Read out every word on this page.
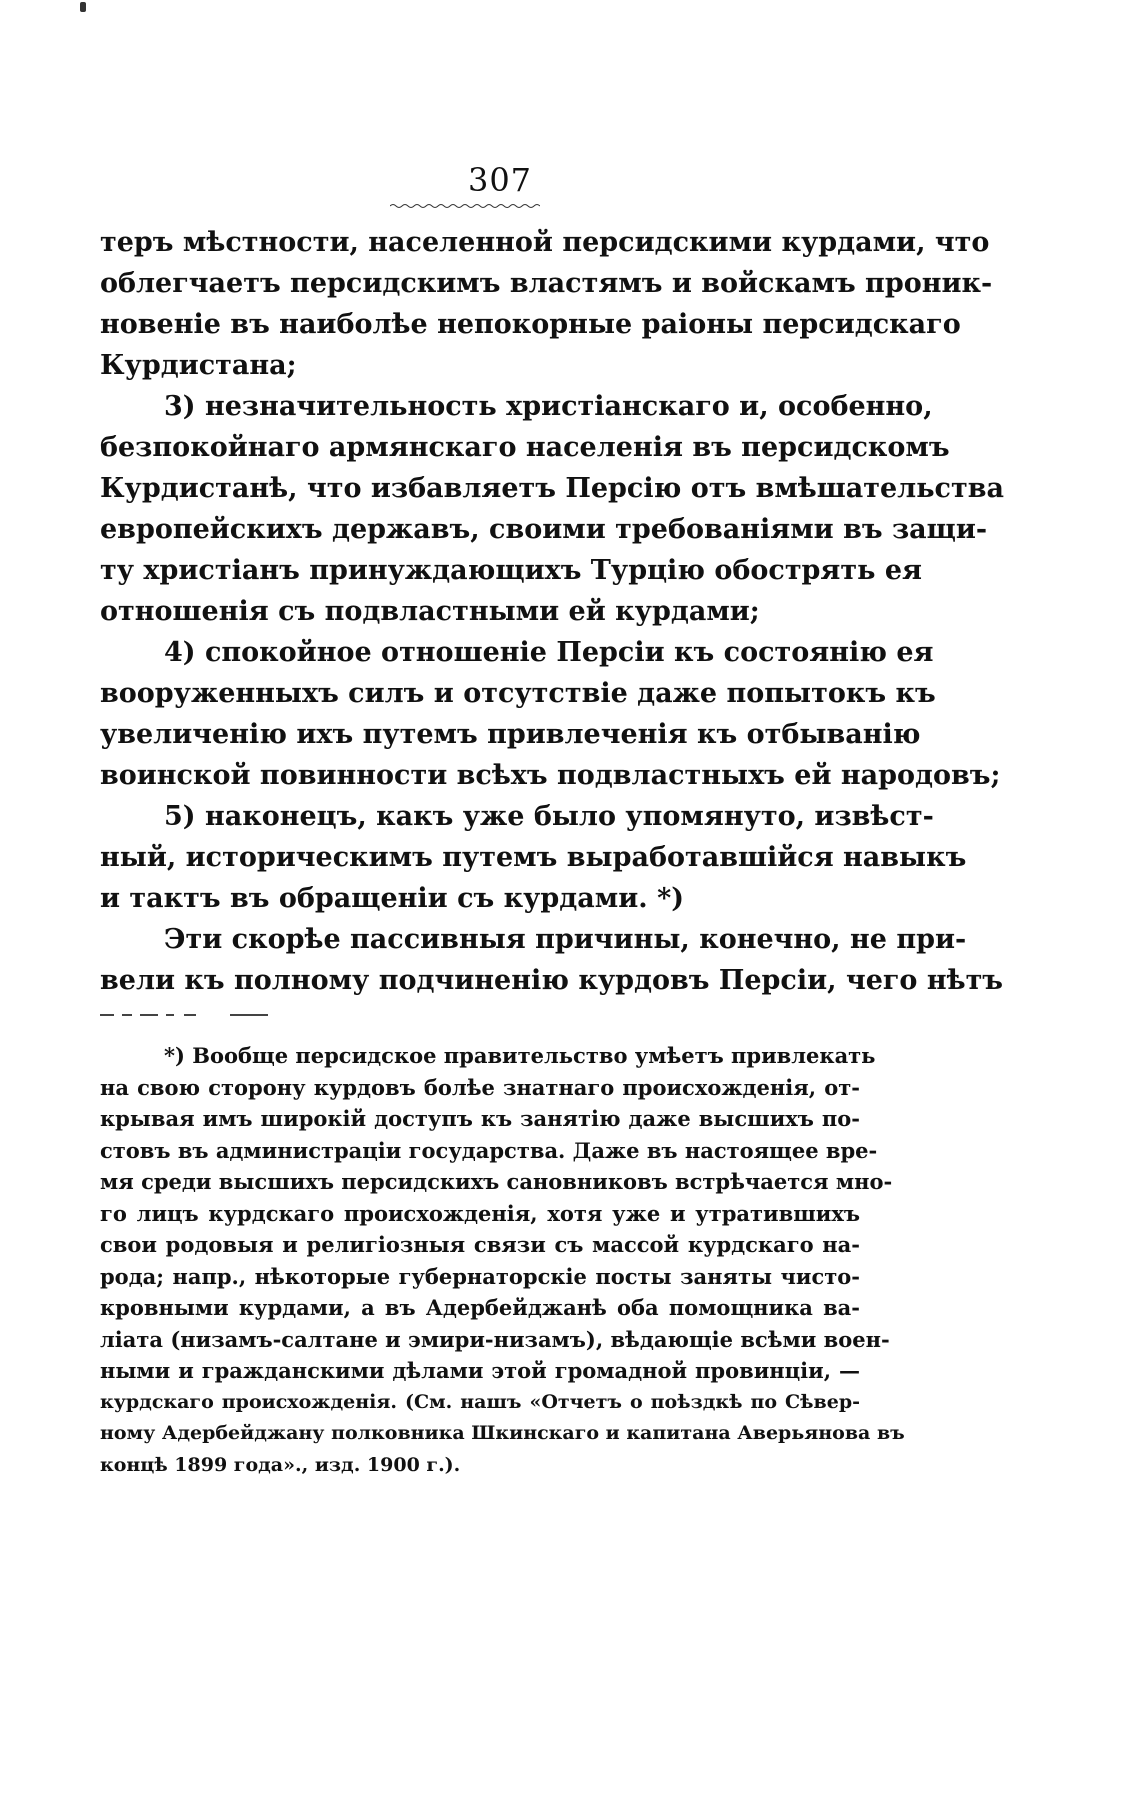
307
теръ мѣстности, населенной персидскими курдами, что
облегчаетъ персидскимъ властямъ и войскамъ проник-
новеніе въ наиболѣе непокорные раіоны персидскаго
Курдистана;
3) незначительность христіанскаго и, особенно,
безпокойнаго армянскаго населенія въ персидскомъ
Курдистанѣ, что избавляетъ Персію отъ вмѣшательства
европейскихъ державъ, своими требованіями въ защи-
ту христіанъ принуждающихъ Турцію обострять ея
отношенія съ подвластными ей курдами;
4) спокойное отношеніе Персіи къ состоянію ея
вооруженныхъ силъ и отсутствіе даже попытокъ къ
увеличенію ихъ путемъ привлеченія къ отбыванію
воинской повинности всѣхъ подвластныхъ ей народовъ;
5) наконецъ, какъ уже было упомянуто, извѣст-
ный, историческимъ путемъ выработавшійся навыкъ
и тактъ въ обращеніи съ курдами. *)
Эти скорѣе пассивныя причины, конечно, не при-
вели къ полному подчиненію курдовъ Персіи, чего нѣтъ
*) Вообще персидское правительство умѣетъ привлекать
на свою сторону курдовъ болѣе знатнаго происхожденія, от-
крывая имъ широкій доступъ къ занятію даже высшихъ по-
стовъ въ администраціи государства. Даже въ настоящее вре-
мя среди высшихъ персидскихъ сановниковъ встрѣчается мно-
го лицъ курдскаго происхожденія, хотя уже и утратившихъ
свои родовыя и религіозныя связи съ массой курдскаго на-
рода; напр., нѣкоторые губернаторскіе посты заняты чисто-
кровными курдами, а въ Адербейджанѣ оба помощника ва-
ліата (низамъ-салтане и эмири-низамъ), вѣдающіе всѣми воен-
ными и гражданскими дѣлами этой громадной провинціи, —
курдскаго происхожденія. (См. нашъ «Отчетъ о поѣздкѣ по Сѣвер-
ному Адербейджану полковника Шкинскаго и капитана Аверьянова въ
концѣ 1899 года»., изд. 1900 г.).
